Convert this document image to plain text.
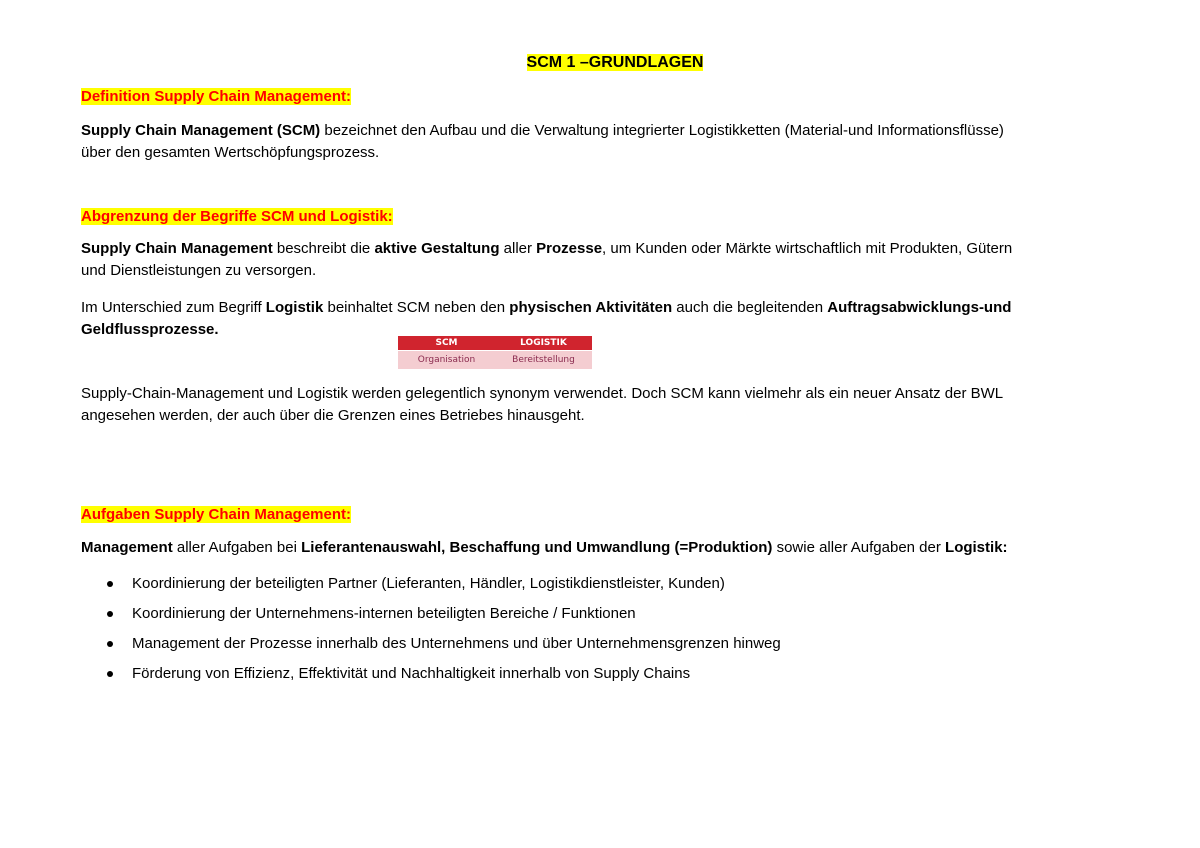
SCM 1 –GRUNDLAGEN
Definition Supply Chain Management:
Supply Chain Management (SCM) bezeichnet den Aufbau und die Verwaltung integrierter Logistikketten (Material-und Informationsflüsse)
über den gesamten Wertschöpfungsprozess.
Abgrenzung der Begriffe SCM und Logistik:
Supply Chain Management beschreibt die aktive Gestaltung aller Prozesse, um Kunden oder Märkte wirtschaftlich mit Produkten, Gütern
und Dienstleistungen zu versorgen.
Im Unterschied zum Begriff Logistik beinhaltet SCM neben den physischen Aktivitäten auch die begleitenden Auftragsabwicklungs-und
Geldflussprozesse.
SCM	LOGISTIK
Organisation	Bereitstellung
Supply-Chain-Management und Logistik werden gelegentlich synonym verwendet. Doch SCM kann vielmehr als ein neuer Ansatz der BWL
angesehen werden, der auch über die Grenzen eines Betriebes hinausgeht.
Aufgaben Supply Chain Management:
Management aller Aufgaben bei Lieferantenauswahl, Beschaffung und Umwandlung (=Produktion) sowie aller Aufgaben der Logistik:
Koordinierung der beteiligten Partner (Lieferanten, Händler, Logistikdienstleister, Kunden)
Koordinierung der Unternehmens-internen beteiligten Bereiche / Funktionen
Management der Prozesse innerhalb des Unternehmens und über Unternehmensgrenzen hinweg
Förderung von Effizienz, Effektivität und Nachhaltigkeit innerhalb von Supply Chains
